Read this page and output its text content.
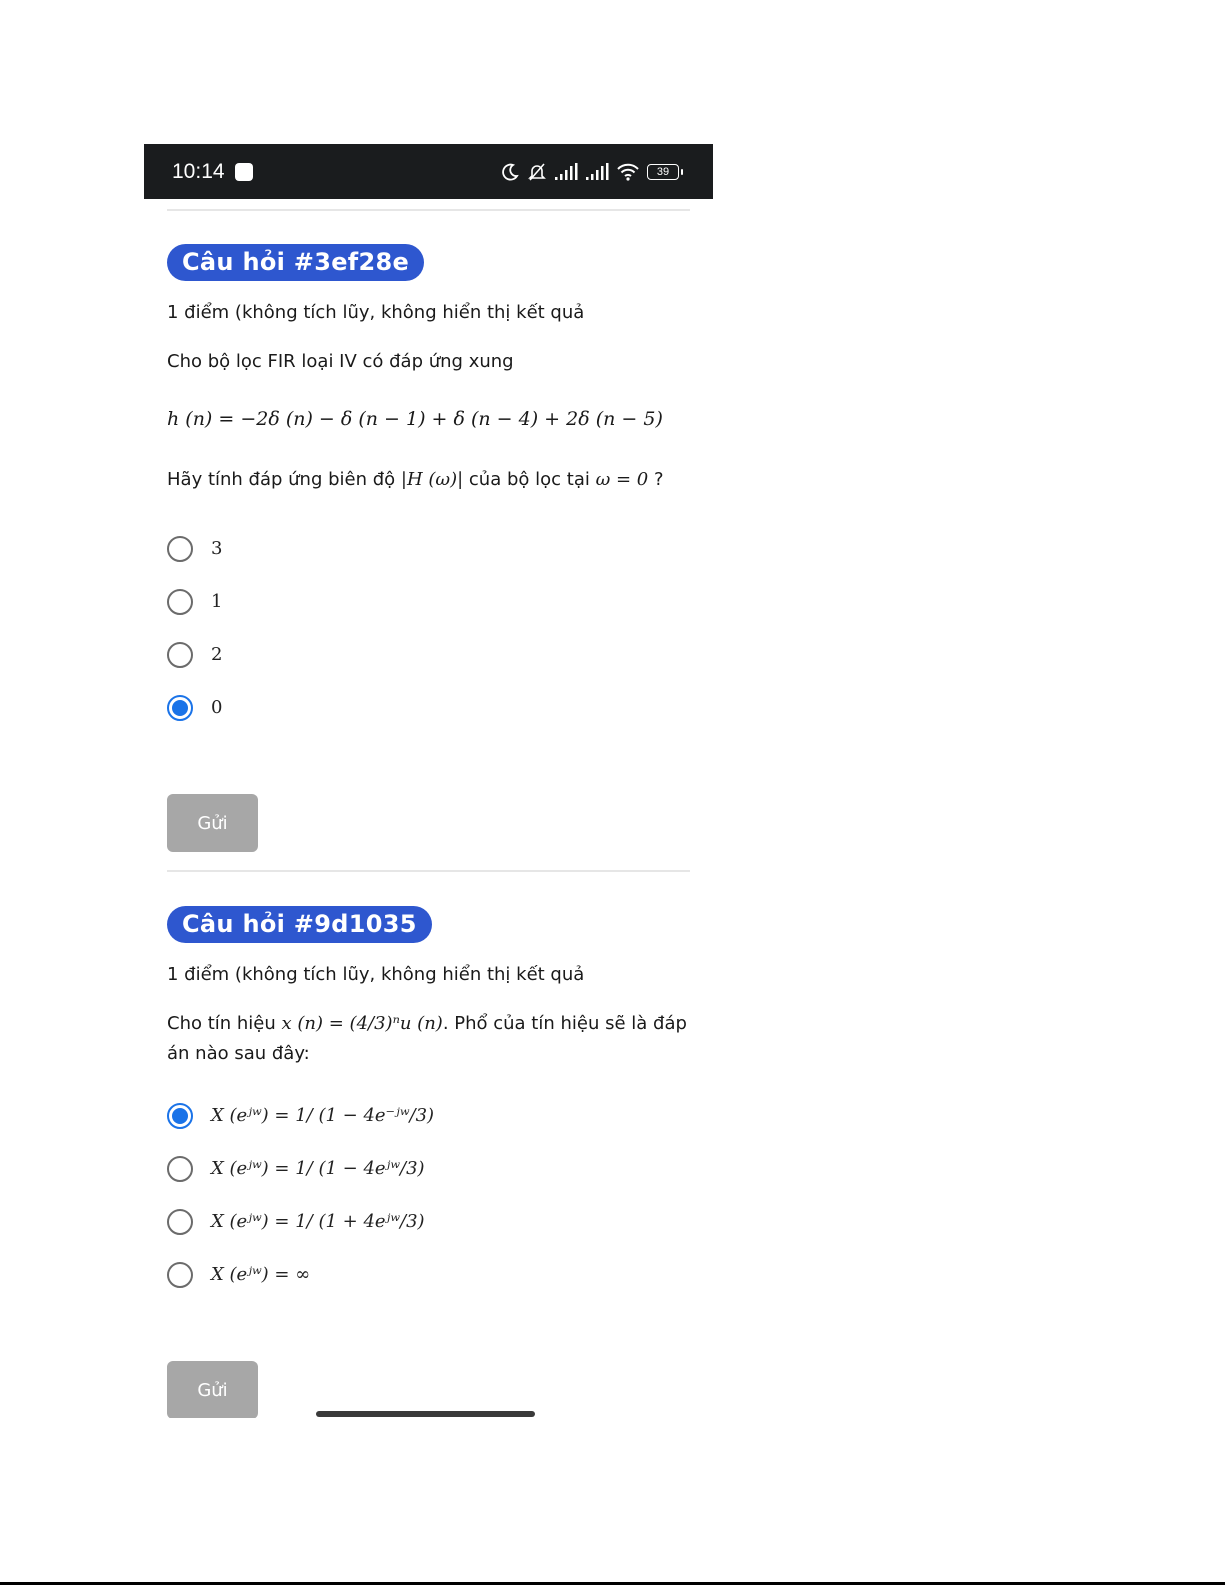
10:14	39
Câu hỏi #3ef28e
1 điểm (không tích lũy, không hiển thị kết quả
Cho bộ lọc FIR loại IV có đáp ứng xung
h (n) = −2δ (n) − δ (n − 1) + δ (n − 4) + 2δ (n − 5)
Hãy tính đáp ứng biên độ |H (ω)| của bộ lọc tại ω = 0 ?
3
1
2
0
Gửi
Câu hỏi #9d1035
1 điểm (không tích lũy, không hiển thị kết quả
Cho tín hiệu x (n) = (4/3)ⁿu (n). Phổ của tín hiệu sẽ là đáp án nào sau đây:
X (eʲʷ) = 1/ (1 − 4e⁻ʲʷ/3)
X (eʲʷ) = 1/ (1 − 4eʲʷ/3)
X (eʲʷ) = 1/ (1 + 4eʲʷ/3)
X (eʲʷ) = ∞
Gửi
